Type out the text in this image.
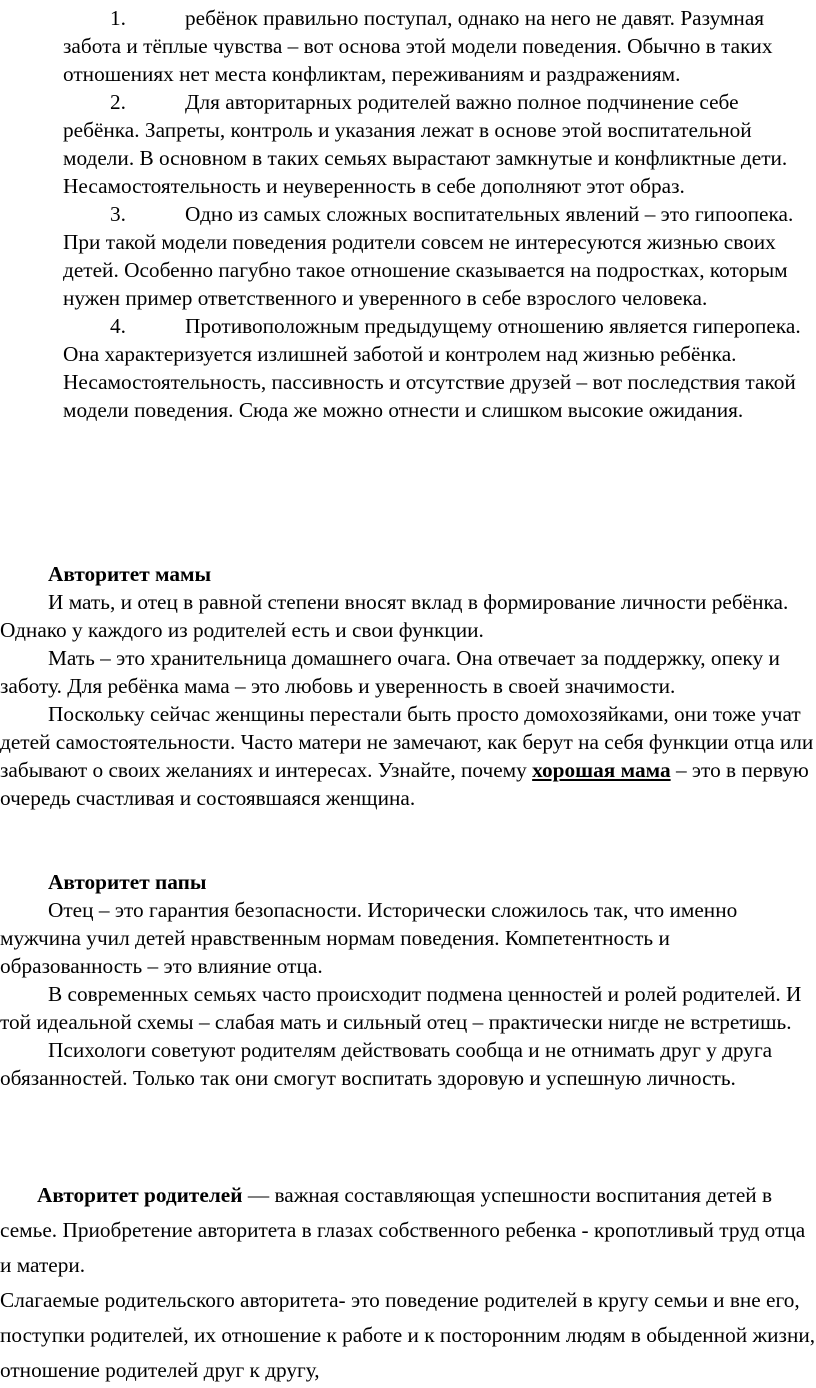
1.	ребёнок правильно поступал, однако на него не давят. Разумная забота и тёплые чувства – вот основа этой модели поведения. Обычно в таких отношениях нет места конфликтам, переживаниям и раздражениям.

2.	Для авторитарных родителей важно полное подчинение себе ребёнка. Запреты, контроль и указания лежат в основе этой воспитательной модели. В основном в таких семьях вырастают замкнутые и конфликтные дети. Несамостоятельность и неуверенность в себе дополняют этот образ.

3.	Одно из самых сложных воспитательных явлений – это гипоопека. При такой модели поведения родители совсем не интересуются жизнью своих детей. Особенно пагубно такое отношение сказывается на подростках, которым нужен пример ответственного и уверенного в себе взрослого человека.

4.	Противоположным предыдущему отношению является гиперопека. Она характеризуется излишней заботой и контролем над жизнью ребёнка. Несамостоятельность, пассивность и отсутствие друзей – вот последствия такой модели поведения. Сюда же можно отнести и слишком высокие ожидания.

Авторитет мамы

И мать, и отец в равной степени вносят вклад в формирование личности ребёнка. Однако у каждого из родителей есть и свои функции.

Мать – это хранительница домашнего очага. Она отвечает за поддержку, опеку и заботу. Для ребёнка мама – это любовь и уверенность в своей значимости.

Поскольку сейчас женщины перестали быть просто домохозяйками, они тоже учат детей самостоятельности. Часто матери не замечают, как берут на себя функции отца или забывают о своих желаниях и интересах. Узнайте, почему хорошая мама – это в первую очередь счастливая и состоявшаяся женщина.

Авторитет папы

Отец – это гарантия безопасности. Исторически сложилось так, что именно мужчина учил детей нравственным нормам поведения. Компетентность и образованность – это влияние отца.

В современных семьях часто происходит подмена ценностей и ролей родителей. И той идеальной схемы – слабая мать и сильный отец – практически нигде не встретишь.

Психологи советуют родителям действовать сообща и не отнимать друг у друга обязанностей. Только так они смогут воспитать здоровую и успешную личность.

Авторитет родителей — важная составляющая успешности воспитания детей в семье. Приобретение авторитета в глазах собственного ребенка - кропотливый труд отца и матери.

Слагаемые родительского авторитета- это поведение родителей в кругу семьи и вне его, поступки родителей, их отношение к работе и к посторонним людям в обыденной жизни, отношение родителей друг к другу,
